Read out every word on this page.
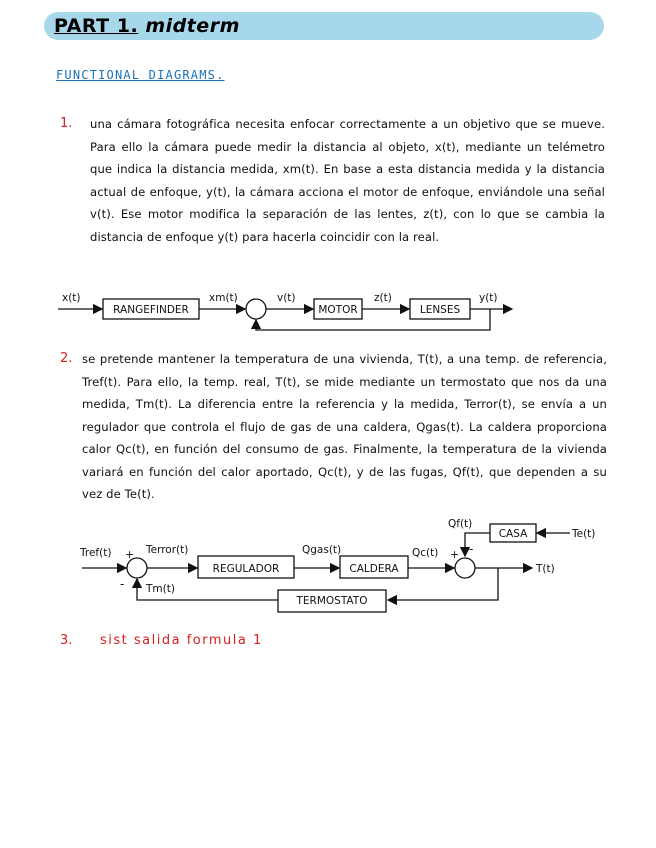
PART 1. midterm
FUNCTIONAL DIAGRAMS.
1. una cámara fotográfica necesita enfocar correctamente a un objetivo que se mueve. Para ello la cámara puede medir la distancia al objeto, x(t), mediante un telémetro que indica la distancia medida, xm(t). En base a esta distancia medida y la distancia actual de enfoque, y(t), la cámara acciona el motor de enfoque, enviándole una señal v(t). Ese motor modifica la separación de las lentes, z(t), con lo que se cambia la distancia de enfoque y(t) para hacerla coincidir con la real.
2. se pretende mantener la temperatura de una vivienda, T(t), a una temp. de referencia, Tref(t). Para ello, la temp. real, T(t), se mide mediante un termostato que nos da una medida, Tm(t). La diferencia entre la referencia y la medida, Terror(t), se envía a un regulador que controla el flujo de gas de una caldera, Qgas(t). La caldera proporciona calor Qc(t), en función del consumo de gas. Finalmente, la temperatura de la vivienda variará en función del calor aportado, Qc(t), y de las fugas, Qf(t), que dependen a su vez de Te(t).
3. sist salida formula 1
RANGEFINDER	MOTOR	LENSES
x(t)	xm(t)	v(t)	z(t)	y(t)
CASA
REGULADOR	CALDERA
TERMOSTATO
Qf(t)
Te(t)
Tref(t)	Terror(t)	Qgas(t)	Qc(t)
T(t)
Tm(t)
+
-
+ -
